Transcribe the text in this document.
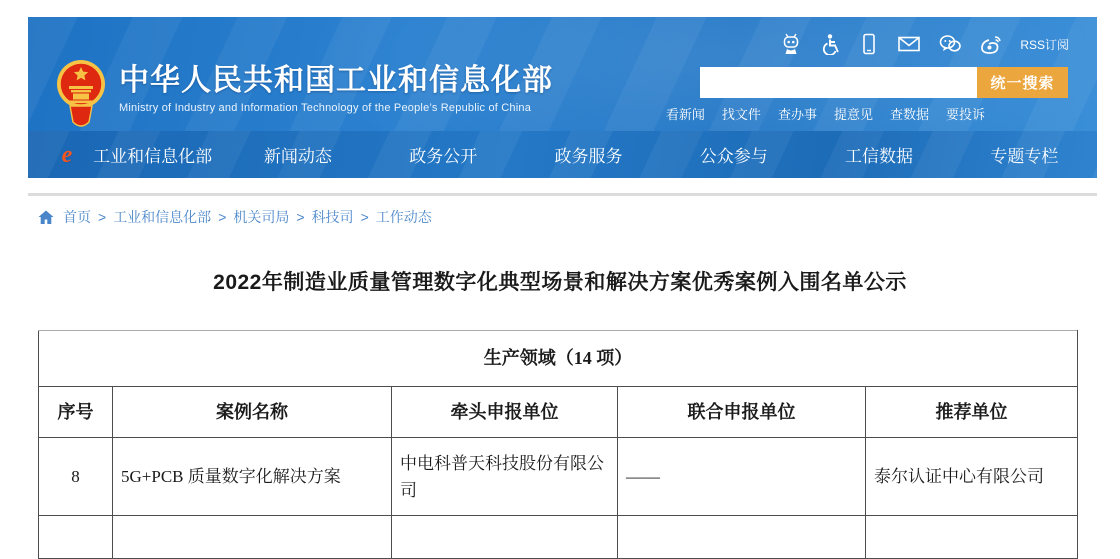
中华人民共和国工业和信息化部
Ministry of Industry and Information Technology of the People’s Republic of China
RSS订阅
统一搜索
看新闻 找文件 查办事 提意见 查数据 要投诉
e	工业和信息化部	新闻动态	政务公开	政务服务	公众参与	工信数据	专题专栏
首页 > 工业和信息化部 > 机关司局 > 科技司 > 工作动态
2022年制造业质量管理数字化典型场景和解决方案优秀案例入围名单公示
生产领域（14 项）				
序号	案例名称	牵头申报单位	联合申报单位	推荐单位
8	5G+PCB 质量数字化解决方案	中电科普天科技股份有限公司	——	泰尔认证中心有限公司
